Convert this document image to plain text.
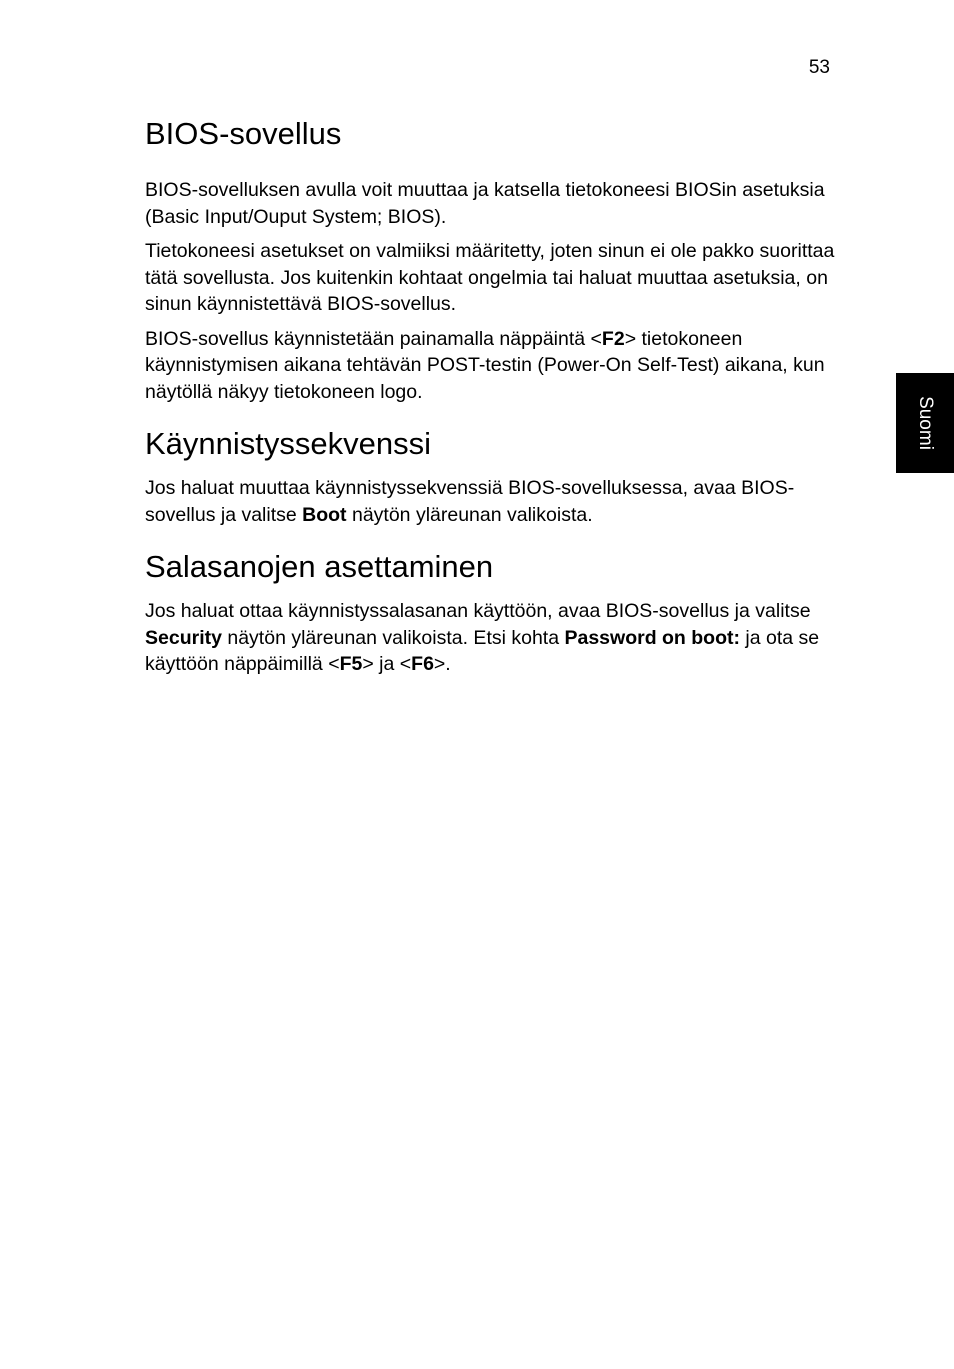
53
Suomi
BIOS-sovellus

BIOS-sovelluksen avulla voit muuttaa ja katsella tietokoneesi BIOSin asetuksia (Basic Input/Ouput System; BIOS).

Tietokoneesi asetukset on valmiiksi määritetty, joten sinun ei ole pakko suorittaa tätä sovellusta. Jos kuitenkin kohtaat ongelmia tai haluat muuttaa asetuksia, on sinun käynnistettävä BIOS-sovellus.

BIOS-sovellus käynnistetään painamalla näppäintä <F2> tietokoneen käynnistymisen aikana tehtävän POST-testin (Power-On Self-Test) aikana, kun näytöllä näkyy tietokoneen logo.

Käynnistyssekvenssi

Jos haluat muuttaa käynnistyssekvenssiä BIOS-sovelluksessa, avaa BIOS-sovellus ja valitse Boot näytön yläreunan valikoista.

Salasanojen asettaminen

Jos haluat ottaa käynnistyssalasanan käyttöön, avaa BIOS-sovellus ja valitse Security näytön yläreunan valikoista. Etsi kohta Password on boot: ja ota se käyttöön näppäimillä <F5> ja <F6>.
